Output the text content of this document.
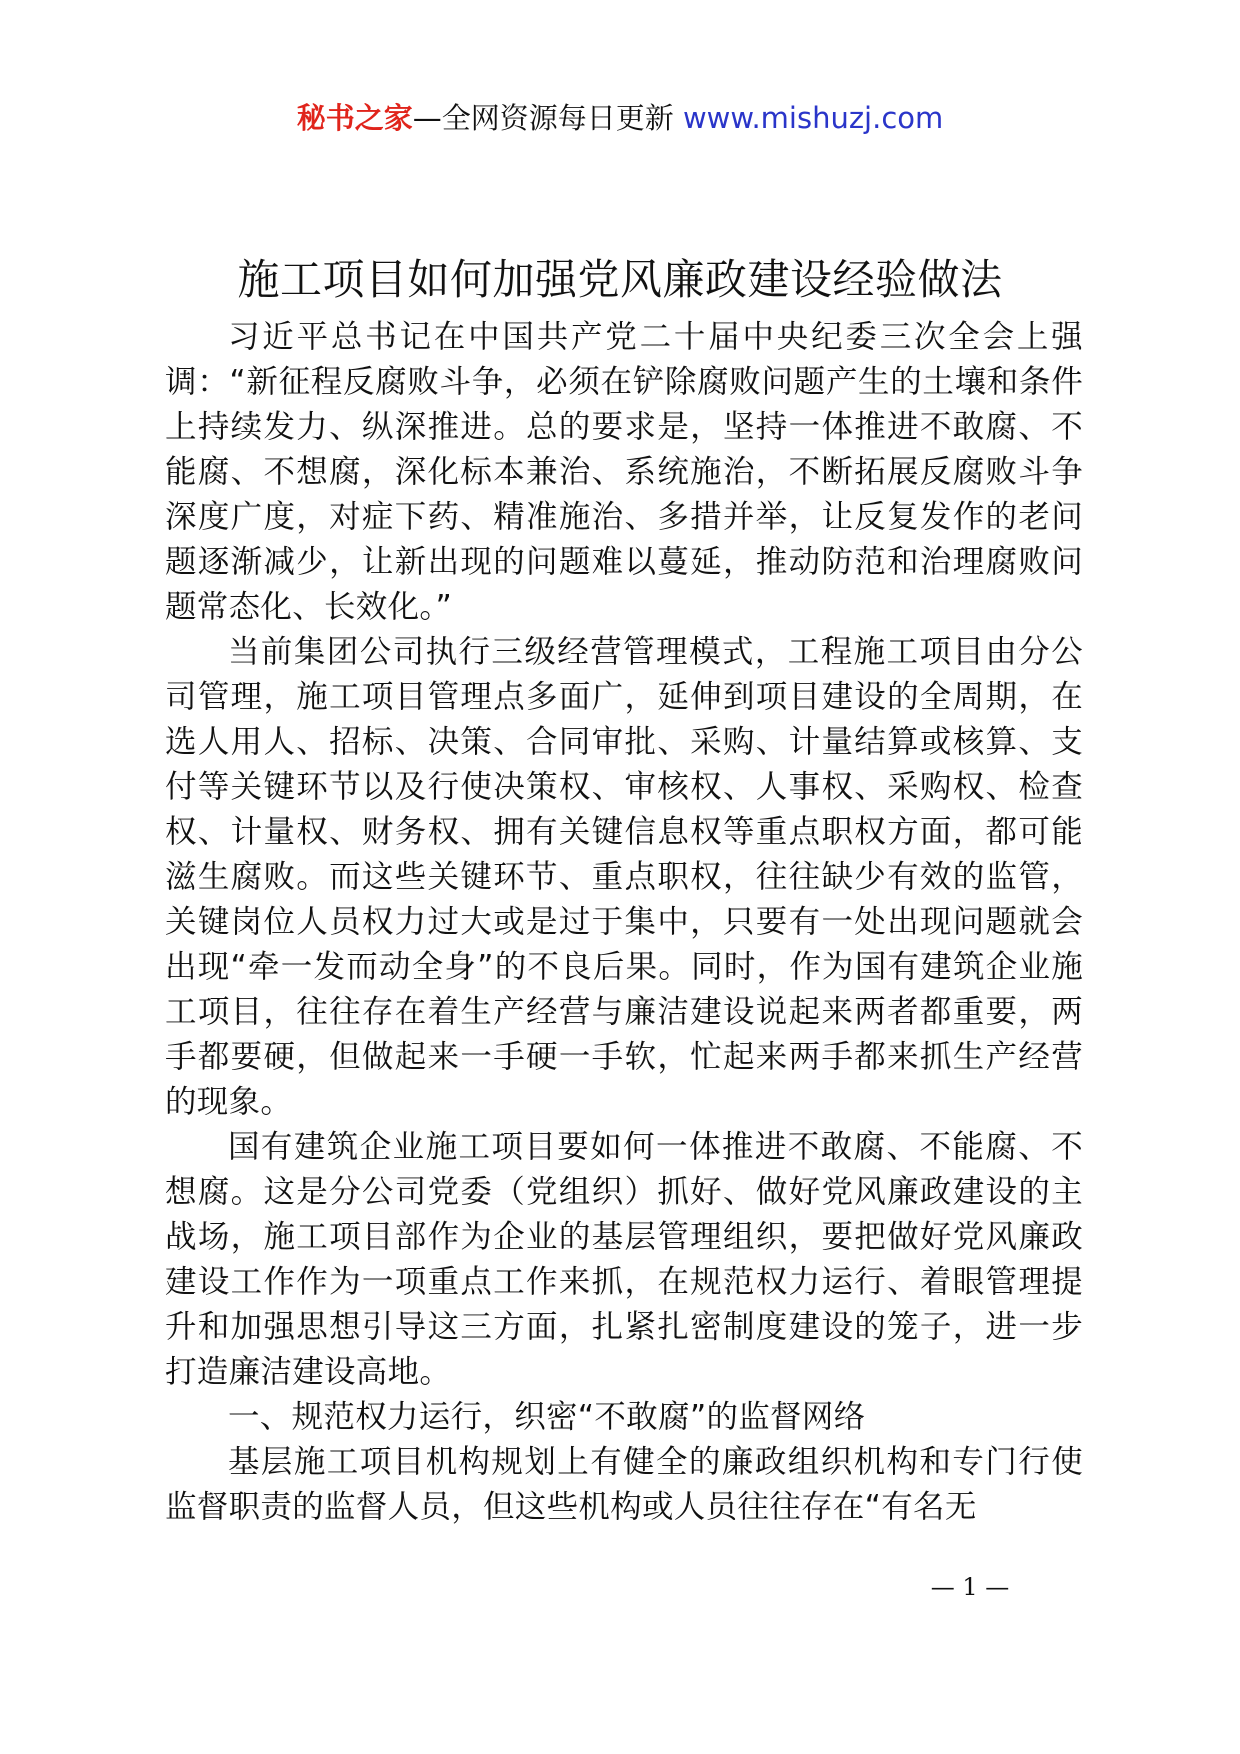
秘书之家—全网资源每日更新 www.mishuzj.com
施工项目如何加强党风廉政建设经验做法

习近平总书记在中国共产党二十届中央纪委三次全会上强调：“新征程反腐败斗争，必须在铲除腐败问题产生的土壤和条件上持续发力、纵深推进。总的要求是，坚持一体推进不敢腐、不能腐、不想腐，深化标本兼治、系统施治，不断拓展反腐败斗争深度广度，对症下药、精准施治、多措并举，让反复发作的老问题逐渐减少，让新出现的问题难以蔓延，推动防范和治理腐败问题常态化、长效化。”

当前集团公司执行三级经营管理模式，工程施工项目由分公司管理，施工项目管理点多面广，延伸到项目建设的全周期，在选人用人、招标、决策、合同审批、采购、计量结算或核算、支付等关键环节以及行使决策权、审核权、人事权、采购权、检查权、计量权、财务权、拥有关键信息权等重点职权方面，都可能滋生腐败。而这些关键环节、重点职权，往往缺少有效的监管，关键岗位人员权力过大或是过于集中，只要有一处出现问题就会出现“牵一发而动全身”的不良后果。同时，作为国有建筑企业施工项目，往往存在着生产经营与廉洁建设说起来两者都重要，两手都要硬，但做起来一手硬一手软，忙起来两手都来抓生产经营的现象。

国有建筑企业施工项目要如何一体推进不敢腐、不能腐、不想腐。这是分公司党委（党组织）抓好、做好党风廉政建设的主战场，施工项目部作为企业的基层管理组织，要把做好党风廉政建设工作作为一项重点工作来抓，在规范权力运行、着眼管理提升和加强思想引导这三方面，扎紧扎密制度建设的笼子，进一步打造廉洁建设高地。

一、规范权力运行，织密“不敢腐”的监督网络

基层施工项目机构规划上有健全的廉政组织机构和专门行使监督职责的监督人员，但这些机构或人员往往存在“有名无

— 1 —
